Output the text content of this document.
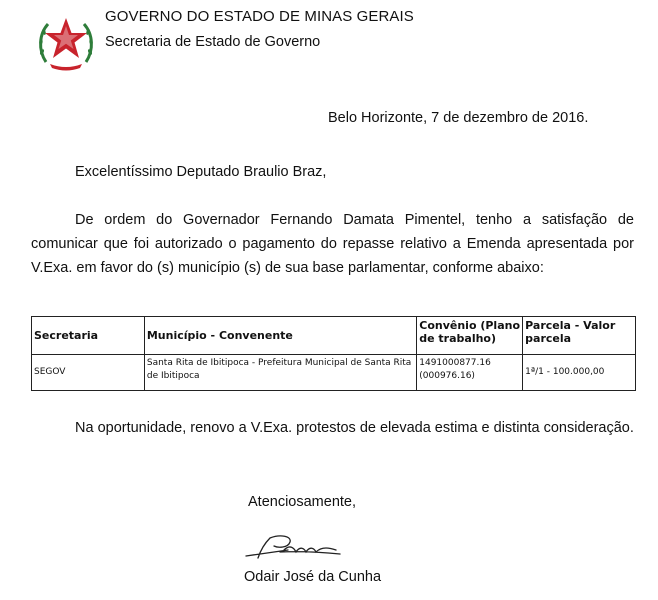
GOVERNO DO ESTADO DE MINAS GERAIS
Secretaria de Estado de Governo
Belo Horizonte, 7 de dezembro de 2016.
Excelentíssimo Deputado Braulio Braz,
De ordem do Governador Fernando Damata Pimentel, tenho a satisfação de comunicar que foi autorizado o pagamento do repasse relativo a Emenda apresentada por V.Exa. em favor do (s) município (s) de sua base parlamentar, conforme abaixo:
Secretaria	Município - Convenente	Convênio (Plano de trabalho)	Parcela - Valor parcela
SEGOV	Santa Rita de Ibitipoca - Prefeitura Municipal de Santa Rita de Ibitipoca	1491000877.16 (000976.16)	1ª/1 - 100.000,00
Na oportunidade, renovo a V.Exa. protestos de elevada estima e distinta consideração.
Atenciosamente,
Odair José da Cunha
